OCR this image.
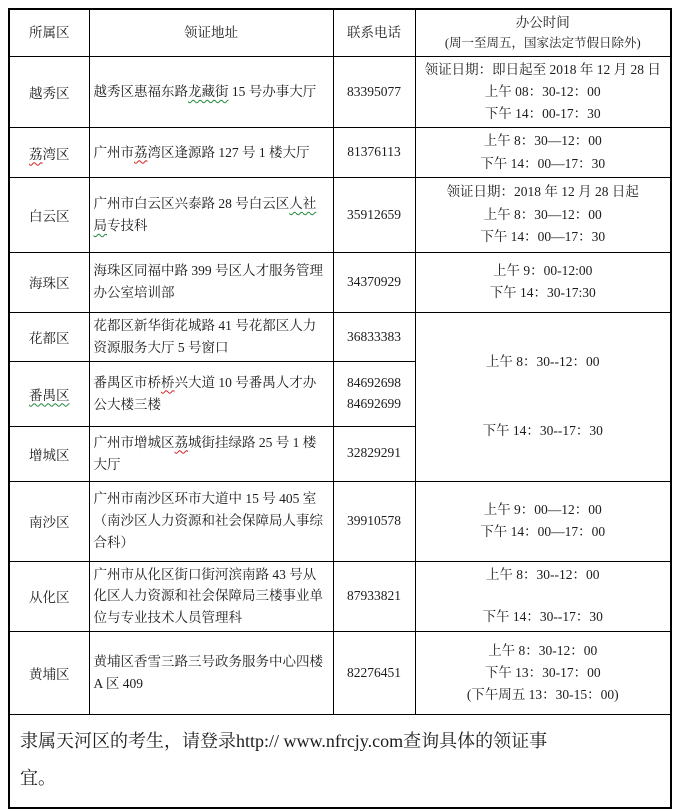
所属区	领证地址	联系电话	办公时间
(周一至周五，国家法定节假日除外)

越秀区	越秀区惠福东路龙藏街 15 号办事大厅	83395077	领证日期：即日起至 2018 年 12 月 28 日
上午 08：30-12：00
下午 14：00-17：30

荔湾区	广州市荔湾区逢源路 127 号 1 楼大厅	81376113	上午 8：30—12：00
下午 14：00—17：30

白云区	广州市白云区兴泰路 28 号白云区人社局专技科	35912659	领证日期：2018 年 12 月 28 日起
上午 8：30—12：00
下午 14：00—17：30

海珠区	海珠区同福中路 399 号区人才服务管理办公室培训部	34370929	上午 9：00-12:00
下午 14：30-17:30

花都区	花都区新华街花城路 41 号花都区人力资源服务大厅 5 号窗口	36833383	上午 8：30--12：00
下午 14：30--17：30

番禺区	番禺区市桥桥兴大道 10 号番禺人才办公大楼三楼	84692698
84692699	

增城区	广州市增城区荔城街挂绿路 25 号 1 楼大厅	32829291	
南沙区	广州市南沙区环市大道中 15 号 405 室（南沙区人力资源和社会保障局人事综合科）	39910578	上午 9：00—12：00
下午 14：00—17：00

从化区	广州市从化区街口街河滨南路 43 号从化区人力资源和社会保障局三楼事业单位与专业技术人员管理科	87933821	上午 8：30--12：00
下午 14：30--17：30

黄埔区	黄埔区香雪三路三号政务服务中心四楼 A 区 409	82276451	上午 8：30-12：00
下午 13：30-17：00
(下午周五 13：30-15：00)

隶属天河区的考生，请登录http:// www.nfrcjy.com查询具体的领证事
宜。			
